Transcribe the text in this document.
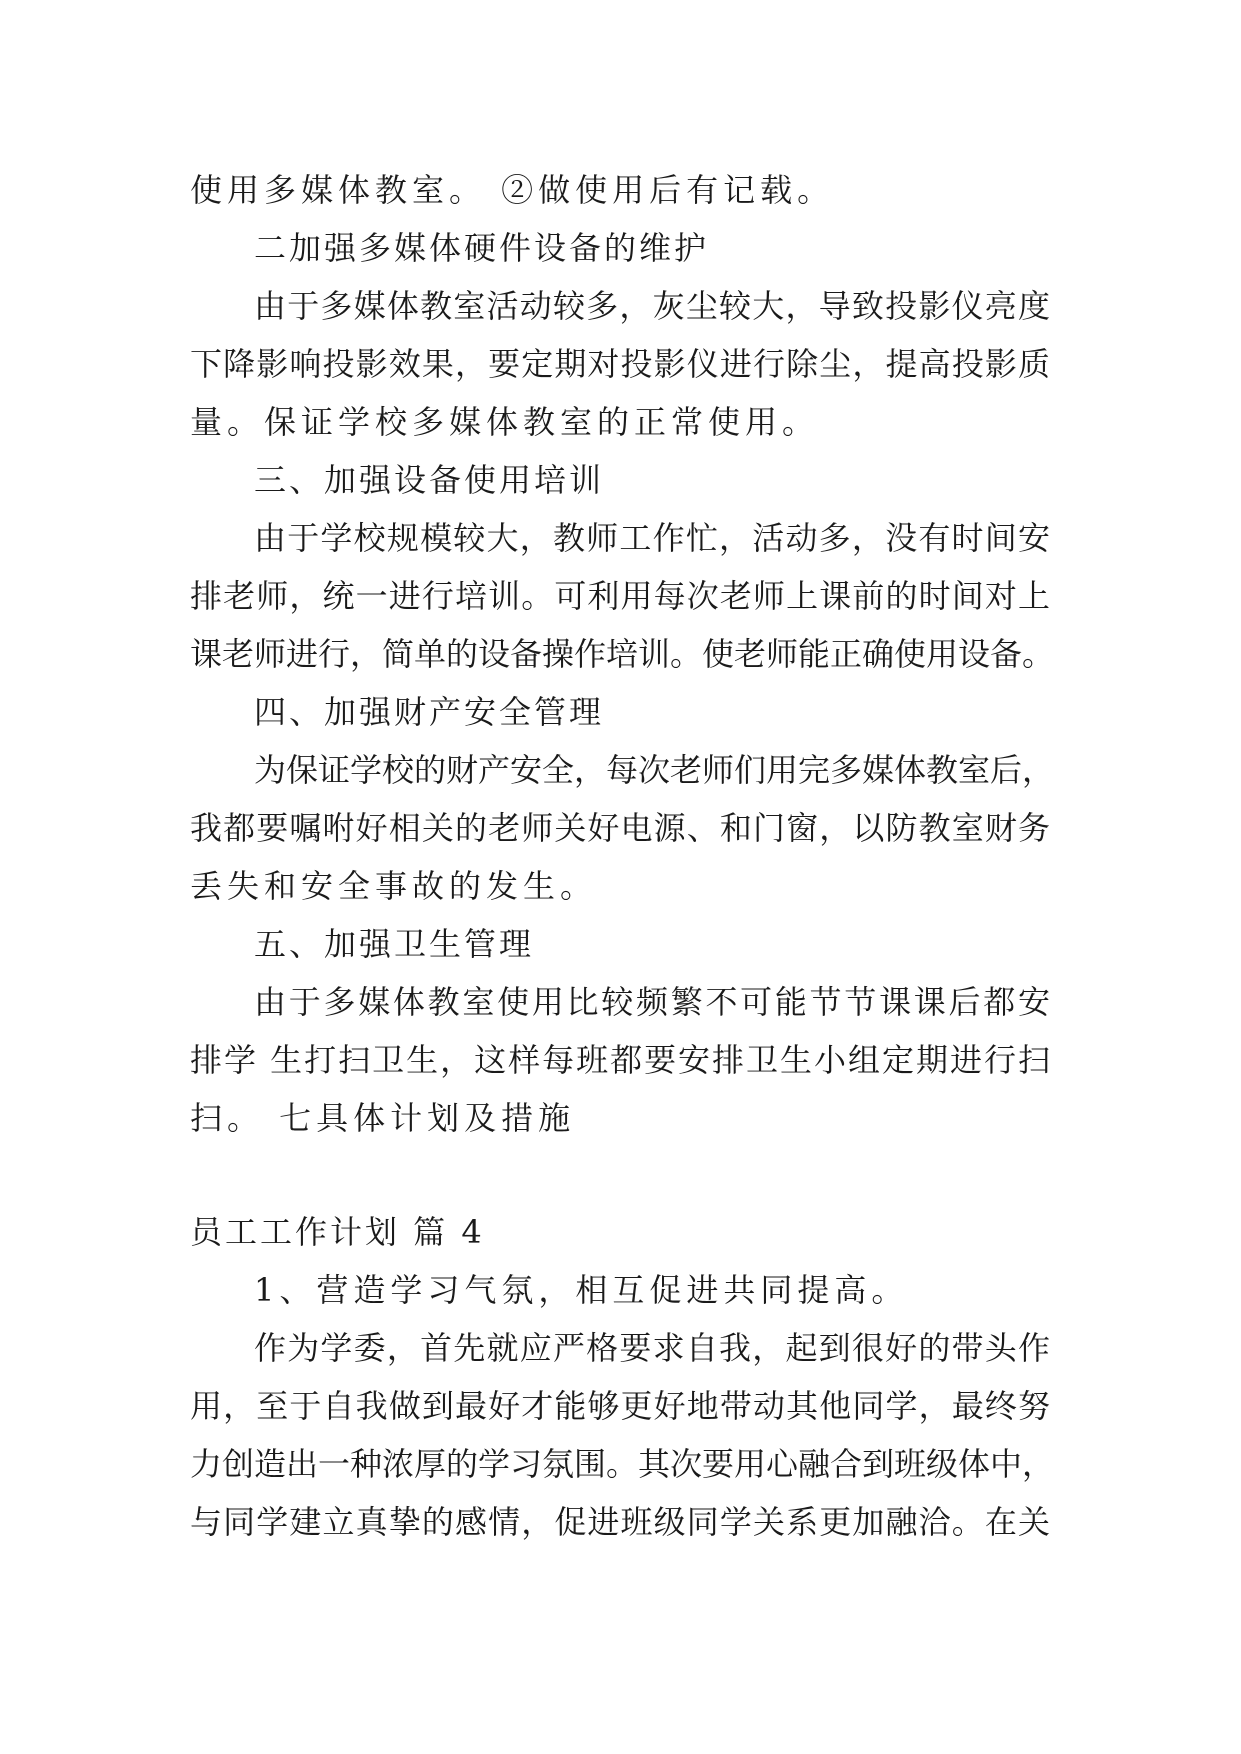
使用多媒体教室。 ②做使用后有记载。
二加强多媒体硬件设备的维护
由于多媒体教室活动较多，灰尘较大，导致投影仪亮度
下降影响投影效果，要定期对投影仪进行除尘，提高投影质
量。保证学校多媒体教室的正常使用。
三、加强设备使用培训
由于学校规模较大，教师工作忙，活动多，没有时间安
排老师，统一进行培训。可利用每次老师上课前的时间对上
课老师进行，简单的设备操作培训。使老师能正确使用设备。
四、加强财产安全管理
为保证学校的财产安全，每次老师们用完多媒体教室后，
我都要嘱咐好相关的老师关好电源、和门窗，以防教室财务
丢失和安全事故的发生。
五、加强卫生管理
由于多媒体教室使用比较频繁不可能节节课课后都安
排学 生打扫卫生，这样每班都要安排卫生小组定期进行扫
扫。 七具体计划及措施
员工工作计划 篇 4
1、营造学习气氛，相互促进共同提高。
作为学委，首先就应严格要求自我，起到很好的带头作
用，至于自我做到最好才能够更好地带动其他同学，最终努
力创造出一种浓厚的学习氛围。其次要用心融合到班级体中，
与同学建立真挚的感情，促进班级同学关系更加融洽。在关
